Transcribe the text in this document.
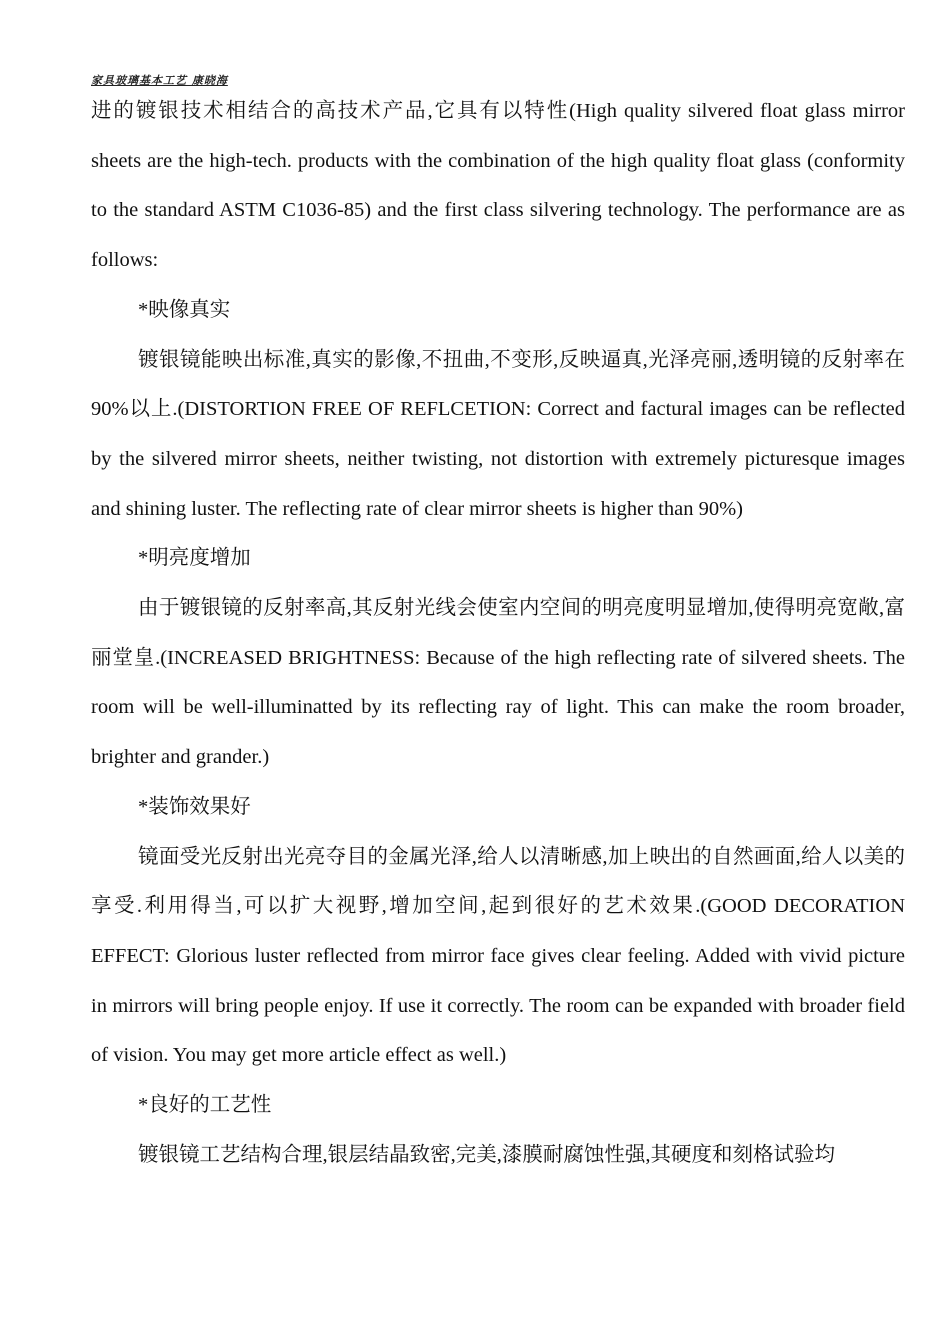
家具玻璃基本工艺 康晓海

进的镀银技术相结合的高技术产品,它具有以特性(High quality silvered float glass mirror sheets are the high-tech. products with the combination of the high quality float glass (conformity to the standard ASTM C1036-85) and the first class silvering technology. The performance are as follows:

*映像真实

镀银镜能映出标准,真实的影像,不扭曲,不变形,反映逼真,光泽亮丽,透明镜的反射率在 90%以上.(DISTORTION FREE OF REFLCETION: Correct and factural images can be reflected by the silvered mirror sheets, neither twisting, not distortion with extremely picturesque images and shining luster. The reflecting rate of clear mirror sheets is higher than 90%)

*明亮度增加

由于镀银镜的反射率高,其反射光线会使室内空间的明亮度明显增加,使得明亮宽敞,富丽堂皇.(INCREASED BRIGHTNESS: Because of the high reflecting rate of silvered sheets. The room will be well-illuminatted by its reflecting ray of light. This can make the room broader, brighter and grander.)

*装饰效果好

镜面受光反射出光亮夺目的金属光泽,给人以清晰感,加上映出的自然画面,给人以美的享受.利用得当,可以扩大视野,增加空间,起到很好的艺术效果.(GOOD DECORATION EFFECT: Glorious luster reflected from mirror face gives clear feeling. Added with vivid picture in mirrors will bring people enjoy. If use it correctly. The room can be expanded with broader field of vision. You may get more article effect as well.)

*良好的工艺性

镀银镜工艺结构合理,银层结晶致密,完美,漆膜耐腐蚀性强,其硬度和刻格试验均
